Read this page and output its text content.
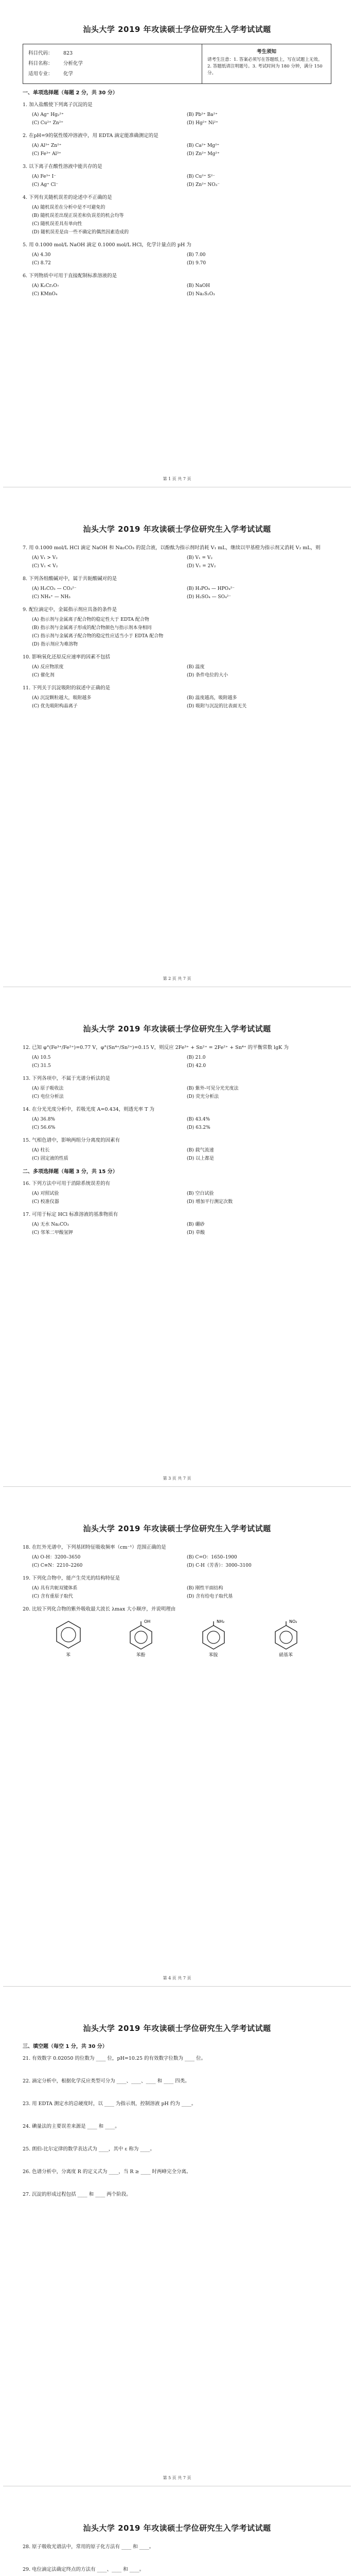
汕头大学 2019 年攻读硕士学位研究生入学考试试题
科目代码：	823
科目名称：	分析化学
适用专业：	化学
考生须知
请考生注意：1. 答案必须写在答题纸上，写在试题上无效。2. 答题纸请注明题号。3. 考试时间为 180 分钟，满分 150 分。
一、单项选择题（每题 2 分，共 30 分）
1. 加入盐酸使下列离子沉淀的是
(A) Ag⁺ Hg₂²⁺	(B) Pb²⁺ Ba²⁺
(C) Cu²⁺ Zn²⁺	(D) Hg²⁺ Ni²⁺
2. 在pH=9的氨性缓冲溶液中，用 EDTA 滴定能准确测定的是
(A) Al³⁺ Zn²⁺	(B) Ca²⁺ Mg²⁺
(C) Fe³⁺ Al³⁺	(D) Zn²⁺ Mg²⁺
3. 以下离子在酸性溶液中能共存的是
(A) Fe³⁺ I⁻	(B) Cu²⁺ S²⁻
(C) Ag⁺ Cl⁻	(D) Zn²⁺ NO₃⁻
4. 下列有关随机误差的论述中不正确的是
(A) 随机误差在分析中是不可避免的
(B) 随机误差出现正误差和负误差的机会均等
(C) 随机误差具有单向性
(D) 随机误差是由一些不确定的偶然因素造成的
5. 用 0.1000 mol/L NaOH 滴定 0.1000 mol/L HCl，化学计量点的 pH 为
(A) 4.30	(B) 7.00
(C) 8.72	(D) 9.70
6. 下列物质中可用于直接配制标准溶液的是
(A) K₂Cr₂O₇	(B) NaOH
(C) KMnO₄	(D) Na₂S₂O₃
第 1 页 共 7 页
汕头大学 2019 年攻读硕士学位研究生入学考试试题
7. 用 0.1000 mol/L HCl 滴定 NaOH 和 Na₂CO₃ 的混合液，以酚酞为指示剂时消耗 V₁ mL，继续以甲基橙为指示剂又消耗 V₂ mL，则
(A) V₁ > V₂	(B) V₁ = V₂
(C) V₁ < V₂	(D) V₁ = 2V₂
8. 下列各组酸碱对中，属于共轭酸碱对的是
(A) H₂CO₃ — CO₃²⁻	(B) H₃PO₄ — HPO₄²⁻
(C) NH₄⁺ — NH₃	(D) H₂SO₄ — SO₄²⁻
9. 配位滴定中，金属指示剂应具备的条件是
(A) 指示剂与金属离子配合物的稳定性大于 EDTA 配合物
(B) 指示剂与金属离子形成的配合物颜色与指示剂本身相同
(C) 指示剂与金属离子配合物的稳定性应适当小于 EDTA 配合物
(D) 指示剂应为难溶物
10. 影响氧化还原反应速率的因素不包括
(A) 反应物浓度	(B) 温度
(C) 催化剂	(D) 条件电位的大小
11. 下列关于沉淀吸附的叙述中正确的是
(A) 沉淀颗粒越大，吸附越多	(B) 温度越高，吸附越多
(C) 优先吸附构晶离子	(D) 吸附与沉淀的比表面无关
第 2 页 共 7 页
汕头大学 2019 年攻读硕士学位研究生入学考试试题
12. 已知 φ°(Fe³⁺/Fe²⁺)=0.77 V，φ°(Sn⁴⁺/Sn²⁺)=0.15 V，则反应 2Fe³⁺ + Sn²⁺ = 2Fe²⁺ + Sn⁴⁺ 的平衡常数 lgK 为
(A) 10.5	(B) 21.0
(C) 31.5	(D) 42.0
13. 下列各项中，不属于光谱分析法的是
(A) 原子吸收法	(B) 紫外-可见分光光度法
(C) 电位分析法	(D) 荧光分析法
14. 在分光光度分析中，若吸光度 A=0.434，则透光率 T 为
(A) 36.8%	(B) 43.4%
(C) 56.6%	(D) 63.2%
15. 气相色谱中，影响两组分分离度的因素有
(A) 柱长	(B) 载气流速
(C) 固定液的性质	(D) 以上都是
二、多项选择题（每题 3 分，共 15 分）
16. 下列方法中可用于消除系统误差的有
(A) 对照试验	(B) 空白试验
(C) 校准仪器	(D) 增加平行测定次数
17. 可用于标定 HCl 标准溶液的基准物质有
(A) 无水 Na₂CO₃	(B) 硼砂
(C) 邻苯二甲酸氢钾	(D) 草酸
第 3 页 共 7 页
汕头大学 2019 年攻读硕士学位研究生入学考试试题
18. 在红外光谱中，下列基团特征吸收频率（cm⁻¹）范围正确的是
(A) O-H：3200–3650	(B) C=O：1650–1900
(C) C≡N：2210–2260	(D) C-H（芳香）：3000–3100
19. 下列化合物中，能产生荧光的结构特征是
(A) 具有共轭双键体系	(B) 刚性平面结构
(C) 含有重原子取代	(D) 含有给电子取代基
20. 比较下列化合物的紫外吸收最大波长 λmax 大小顺序，并说明理由
苯
OH
苯酚
NH₂
苯胺
NO₂
硝基苯
第 4 页 共 7 页
汕头大学 2019 年攻读硕士学位研究生入学考试试题
三、填空题（每空 1 分，共 30 分）
21. 有效数字 0.02050 的位数为 ____ 位，pH=10.25 的有效数字位数为 ____ 位。
22. 滴定分析中，根据化学反应类型可分为 ____、____、____ 和 ____ 四类。
23. 用 EDTA 测定水的总硬度时，以 ____ 为指示剂，控制溶液 pH 约为 ____。
24. 碘量法的主要误差来源是 ____ 和 ____。
25. 朗伯-比尔定律的数学表达式为 ____，其中 ε 称为 ____。
26. 色谱分析中，分离度 R 的定义式为 ____，当 R ≥ ____ 时两峰完全分离。
27. 沉淀的形成过程包括 ____ 和 ____ 两个阶段。
第 5 页 共 7 页
汕头大学 2019 年攻读硕士学位研究生入学考试试题
28. 原子吸收光谱法中，常用的原子化方法有 ____ 和 ____。
29. 电位滴定法确定终点的方法有 ____、____ 和 ____。
